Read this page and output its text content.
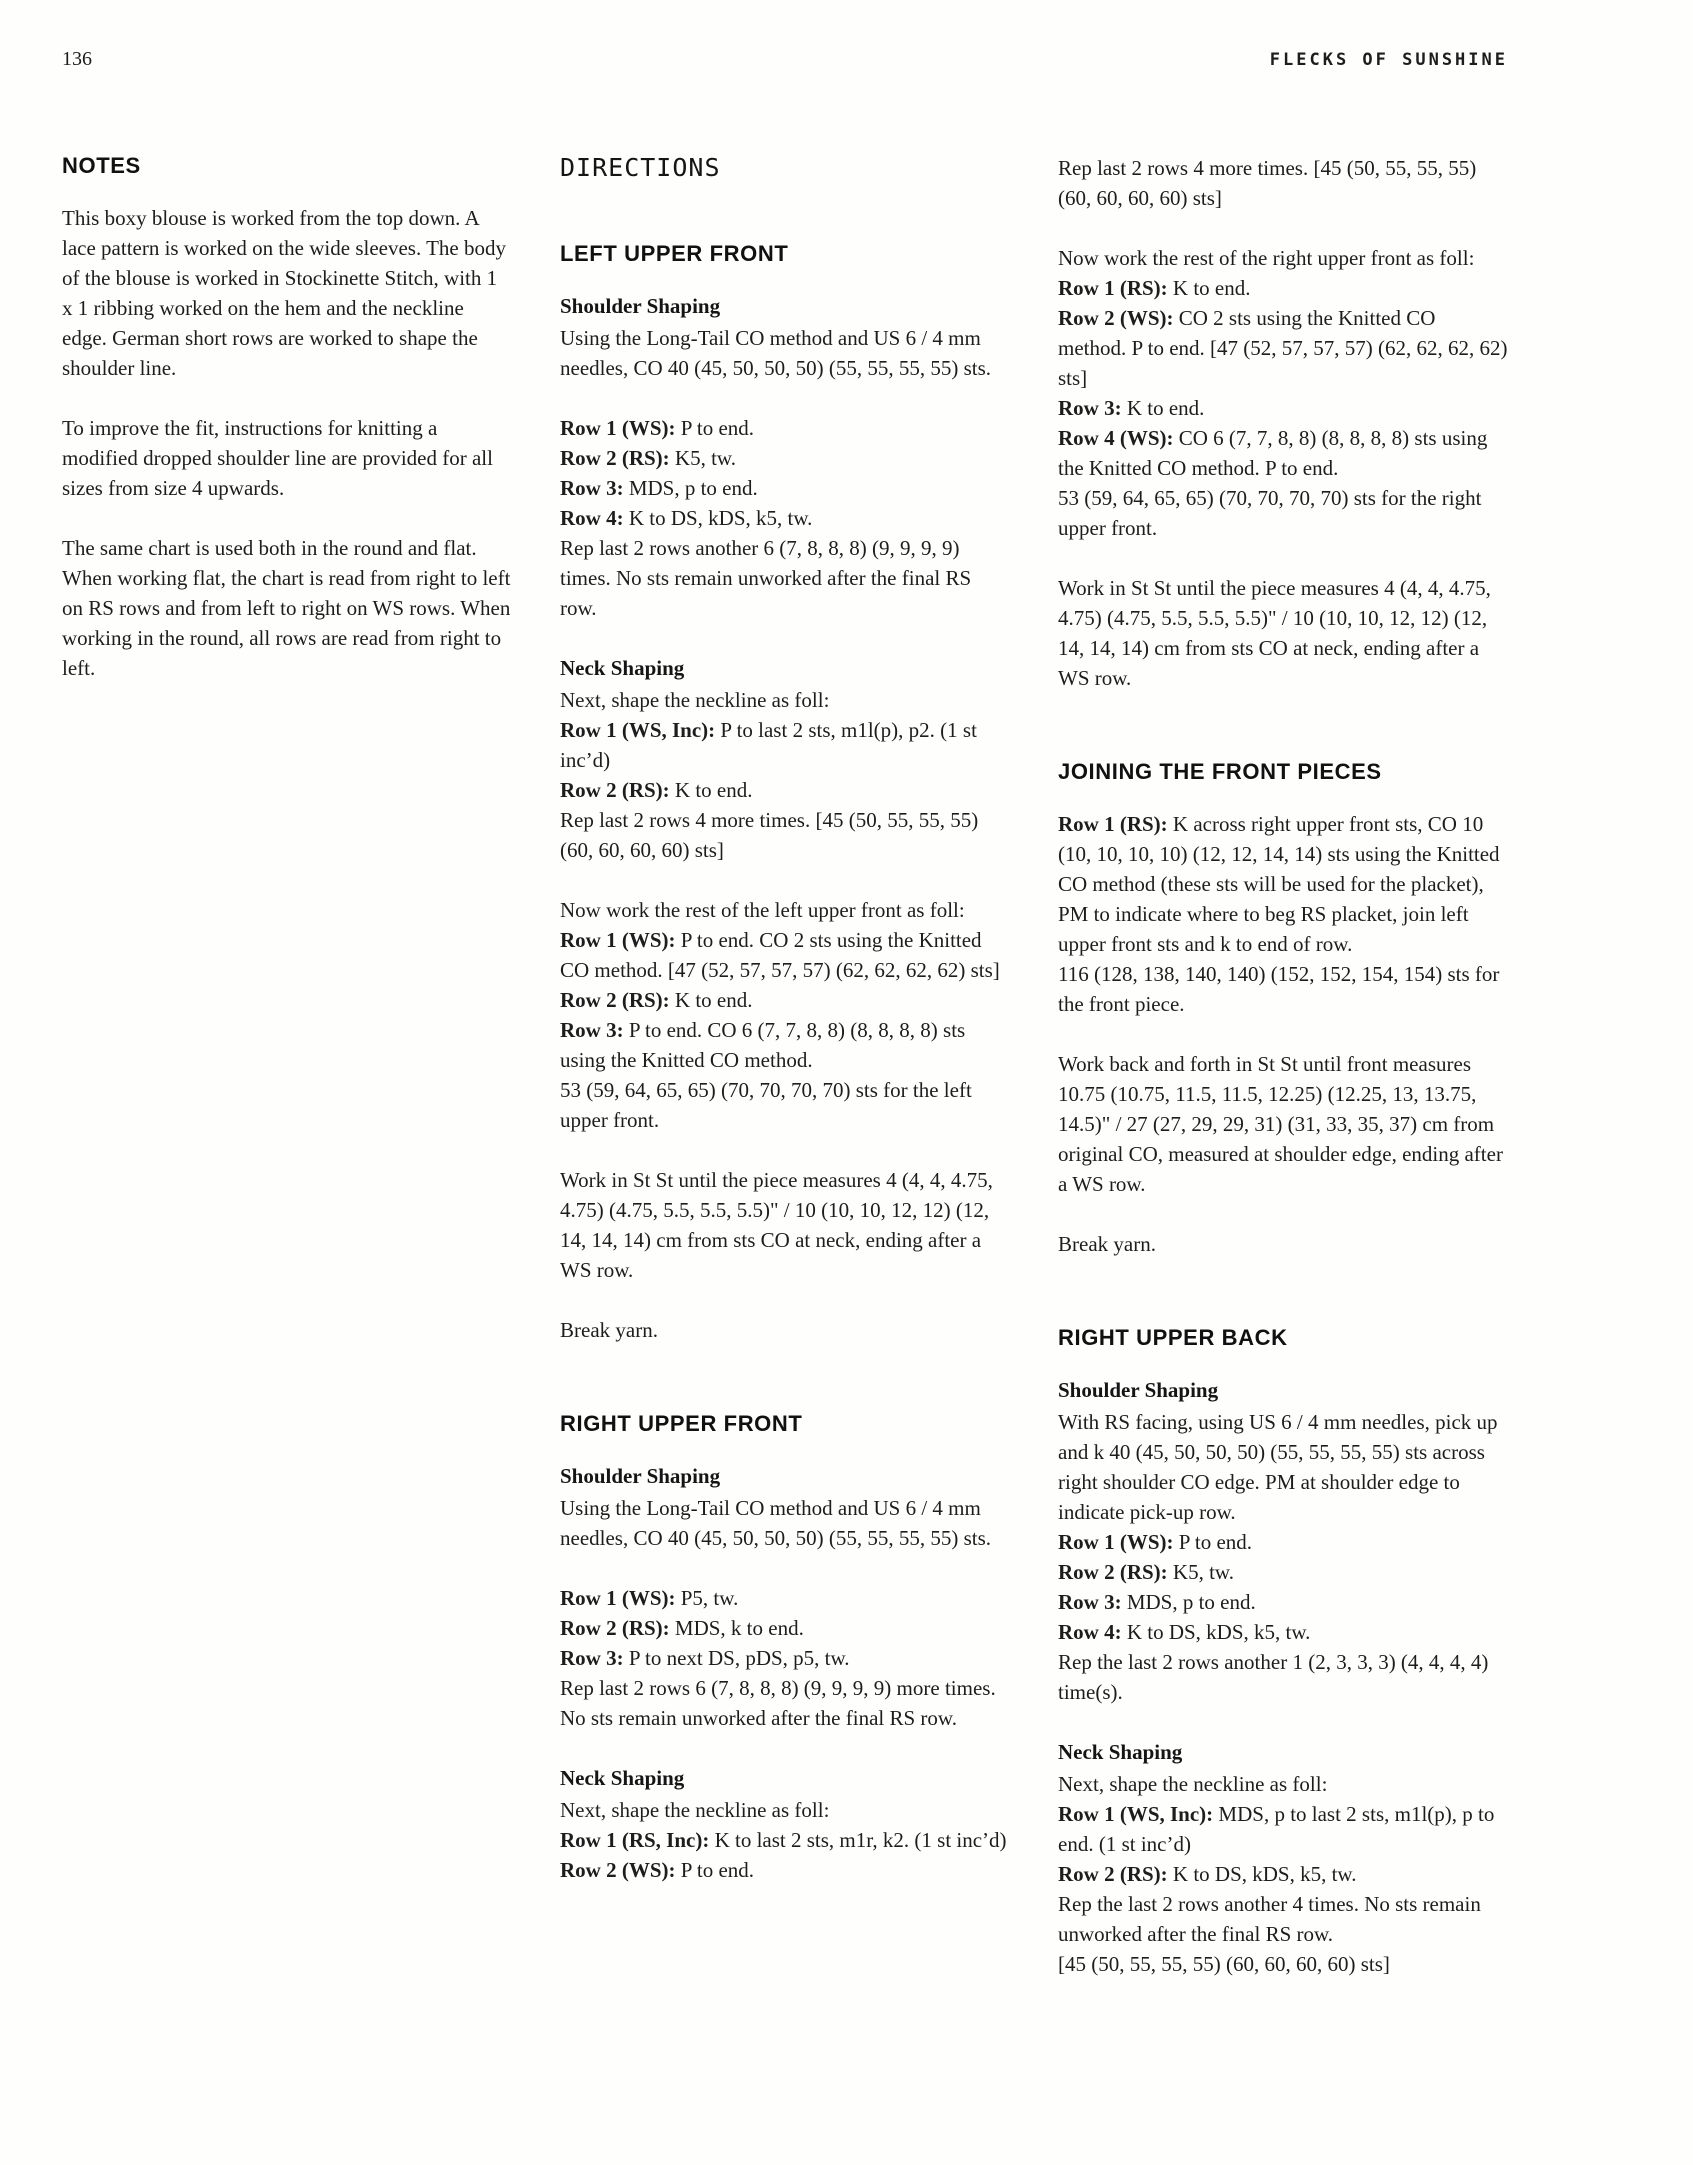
136	FLECKS OF SUNSHINE
NOTES

This boxy blouse is worked from the top down. A lace pattern is worked on the wide sleeves. The body of the blouse is worked in Stockinette Stitch, with 1 x 1 ribbing worked on the hem and the neckline edge. German short rows are worked to shape the shoulder line.

To improve the fit, instructions for knitting a modified dropped shoulder line are provided for all sizes from size 4 upwards.

The same chart is used both in the round and flat. When working flat, the chart is read from right to left on RS rows and from left to right on WS rows. When working in the round, all rows are read from right to left.

DIRECTIONS
LEFT UPPER FRONT
Shoulder Shaping

Using the Long-Tail CO method and US 6 / 4 mm needles, CO 40 (45, 50, 50, 50) (55, 55, 55, 55) sts.

Row 1 (WS): P to end.

Row 2 (RS): K5, tw.

Row 3: MDS, p to end.

Row 4: K to DS, kDS, k5, tw.

Rep last 2 rows another 6 (7, 8, 8, 8) (9, 9, 9, 9) times. No sts remain unworked after the final RS row.

Neck Shaping

Next, shape the neckline as foll:

Row 1 (WS, Inc): P to last 2 sts, m1l(p), p2. (1 st inc’d)

Row 2 (RS): K to end.

Rep last 2 rows 4 more times. [45 (50, 55, 55, 55) (60, 60, 60, 60) sts]

Now work the rest of the left upper front as foll:

Row 1 (WS): P to end. CO 2 sts using the Knitted CO method. [47 (52, 57, 57, 57) (62, 62, 62, 62) sts]

Row 2 (RS): K to end.

Row 3: P to end. CO 6 (7, 7, 8, 8) (8, 8, 8, 8) sts using the Knitted CO method.

53 (59, 64, 65, 65) (70, 70, 70, 70) sts for the left upper front.

Work in St St until the piece measures 4 (4, 4, 4.75, 4.75) (4.75, 5.5, 5.5, 5.5)" / 10 (10, 10, 12, 12) (12, 14, 14, 14) cm from sts CO at neck, ending after a WS row.

Break yarn.

RIGHT UPPER FRONT
Shoulder Shaping

Using the Long-Tail CO method and US 6 / 4 mm needles, CO 40 (45, 50, 50, 50) (55, 55, 55, 55) sts.

Row 1 (WS): P5, tw.

Row 2 (RS): MDS, k to end.

Row 3: P to next DS, pDS, p5, tw.

Rep last 2 rows 6 (7, 8, 8, 8) (9, 9, 9, 9) more times. No sts remain unworked after the final RS row.

Neck Shaping

Next, shape the neckline as foll:

Row 1 (RS, Inc): K to last 2 sts, m1r, k2. (1 st inc’d)

Row 2 (WS): P to end.

Rep last 2 rows 4 more times. [45 (50, 55, 55, 55) (60, 60, 60, 60) sts]

Now work the rest of the right upper front as foll:

Row 1 (RS): K to end.

Row 2 (WS): CO 2 sts using the Knitted CO method. P to end. [47 (52, 57, 57, 57) (62, 62, 62, 62) sts]

Row 3: K to end.

Row 4 (WS): CO 6 (7, 7, 8, 8) (8, 8, 8, 8) sts using the Knitted CO method. P to end.

53 (59, 64, 65, 65) (70, 70, 70, 70) sts for the right upper front.

Work in St St until the piece measures 4 (4, 4, 4.75, 4.75) (4.75, 5.5, 5.5, 5.5)" / 10 (10, 10, 12, 12) (12, 14, 14, 14) cm from sts CO at neck, ending after a WS row.

JOINING THE FRONT PIECES

Row 1 (RS): K across right upper front sts, CO 10 (10, 10, 10, 10) (12, 12, 14, 14) sts using the Knitted CO method (these sts will be used for the placket), PM to indicate where to beg RS placket, join left upper front sts and k to end of row.

116 (128, 138, 140, 140) (152, 152, 154, 154) sts for the front piece.

Work back and forth in St St until front measures 10.75 (10.75, 11.5, 11.5, 12.25) (12.25, 13, 13.75, 14.5)" / 27 (27, 29, 29, 31) (31, 33, 35, 37) cm from original CO, measured at shoulder edge, ending after a WS row.

Break yarn.

RIGHT UPPER BACK
Shoulder Shaping

With RS facing, using US 6 / 4 mm needles, pick up and k 40 (45, 50, 50, 50) (55, 55, 55, 55) sts across right shoulder CO edge. PM at shoulder edge to indicate pick-up row.

Row 1 (WS): P to end.

Row 2 (RS): K5, tw.

Row 3: MDS, p to end.

Row 4: K to DS, kDS, k5, tw.

Rep the last 2 rows another 1 (2, 3, 3, 3) (4, 4, 4, 4) time(s).

Neck Shaping

Next, shape the neckline as foll:

Row 1 (WS, Inc): MDS, p to last 2 sts, m1l(p), p to end. (1 st inc’d)

Row 2 (RS): K to DS, kDS, k5, tw.

Rep the last 2 rows another 4 times. No sts remain unworked after the final RS row.

[45 (50, 55, 55, 55) (60, 60, 60, 60) sts]
